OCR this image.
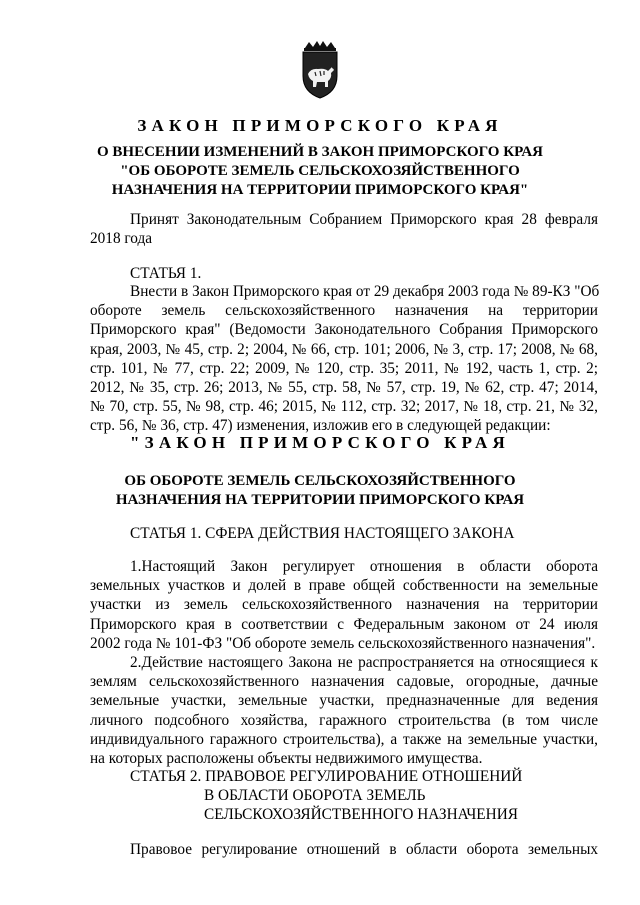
ЗАКОН ПРИМОРСКОГО КРАЯ

О ВНЕСЕНИИ ИЗМЕНЕНИЙ В ЗАКОН ПРИМОРСКОГО КРАЯ
"ОБ ОБОРОТЕ ЗЕМЕЛЬ СЕЛЬСКОХОЗЯЙСТВЕННОГО
НАЗНАЧЕНИЯ НА ТЕРРИТОРИИ ПРИМОРСКОГО КРАЯ"
Принят Законодательным Собранием Приморского края 28 февраля
2018 года

СТАТЬЯ 1.

Внести в Закон Приморского края от 29 декабря 2003 года № 89-КЗ "Об
обороте земель сельскохозяйственного назначения на территории
Приморского края" (Ведомости Законодательного Собрания Приморского
края, 2003, № 45, стр. 2; 2004, № 66, стр. 101; 2006, № 3, стр. 17; 2008, № 68,
стр. 101, № 77, стр. 22; 2009, № 120, стр. 35; 2011, № 192, часть 1, стр. 2;
2012, № 35, стр. 26; 2013, № 55, стр. 58, № 57, стр. 19, № 62, стр. 47; 2014,
№ 70, стр. 55, № 98, стр. 46; 2015, № 112, стр. 32; 2017, № 18, стр. 21, № 32,
стр. 56, № 36, стр. 47) изменения, изложив его в следующей редакции:

"ЗАКОН ПРИМОРСКОГО КРАЯ

ОБ ОБОРОТЕ ЗЕМЕЛЬ СЕЛЬСКОХОЗЯЙСТВЕННОГО
НАЗНАЧЕНИЯ НА ТЕРРИТОРИИ ПРИМОРСКОГО КРАЯ

СТАТЬЯ 1. СФЕРА ДЕЙСТВИЯ НАСТОЯЩЕГО ЗАКОНА

1.Настоящий Закон регулирует отношения в области оборота
земельных участков и долей в праве общей собственности на земельные
участки из земель сельскохозяйственного назначения на территории
Приморского края в соответствии с Федеральным законом от 24 июля
2002 года № 101-ФЗ "Об обороте земель сельскохозяйственного назначения".
2.Действие настоящего Закона не распространяется на относящиеся к
землям сельскохозяйственного назначения садовые, огородные, дачные
земельные участки, земельные участки, предназначенные для ведения
личного подсобного хозяйства, гаражного строительства (в том числе
индивидуального гаражного строительства), а также на земельные участки,
на которых расположены объекты недвижимого имущества.
СТАТЬЯ 2. ПРАВОВОЕ РЕГУЛИРОВАНИЕ ОТНОШЕНИЙ
В ОБЛАСТИ ОБОРОТА ЗЕМЕЛЬ
СЕЛЬСКОХОЗЯЙСТВЕННОГО НАЗНАЧЕНИЯ
Правовое регулирование отношений в области оборота земельных
